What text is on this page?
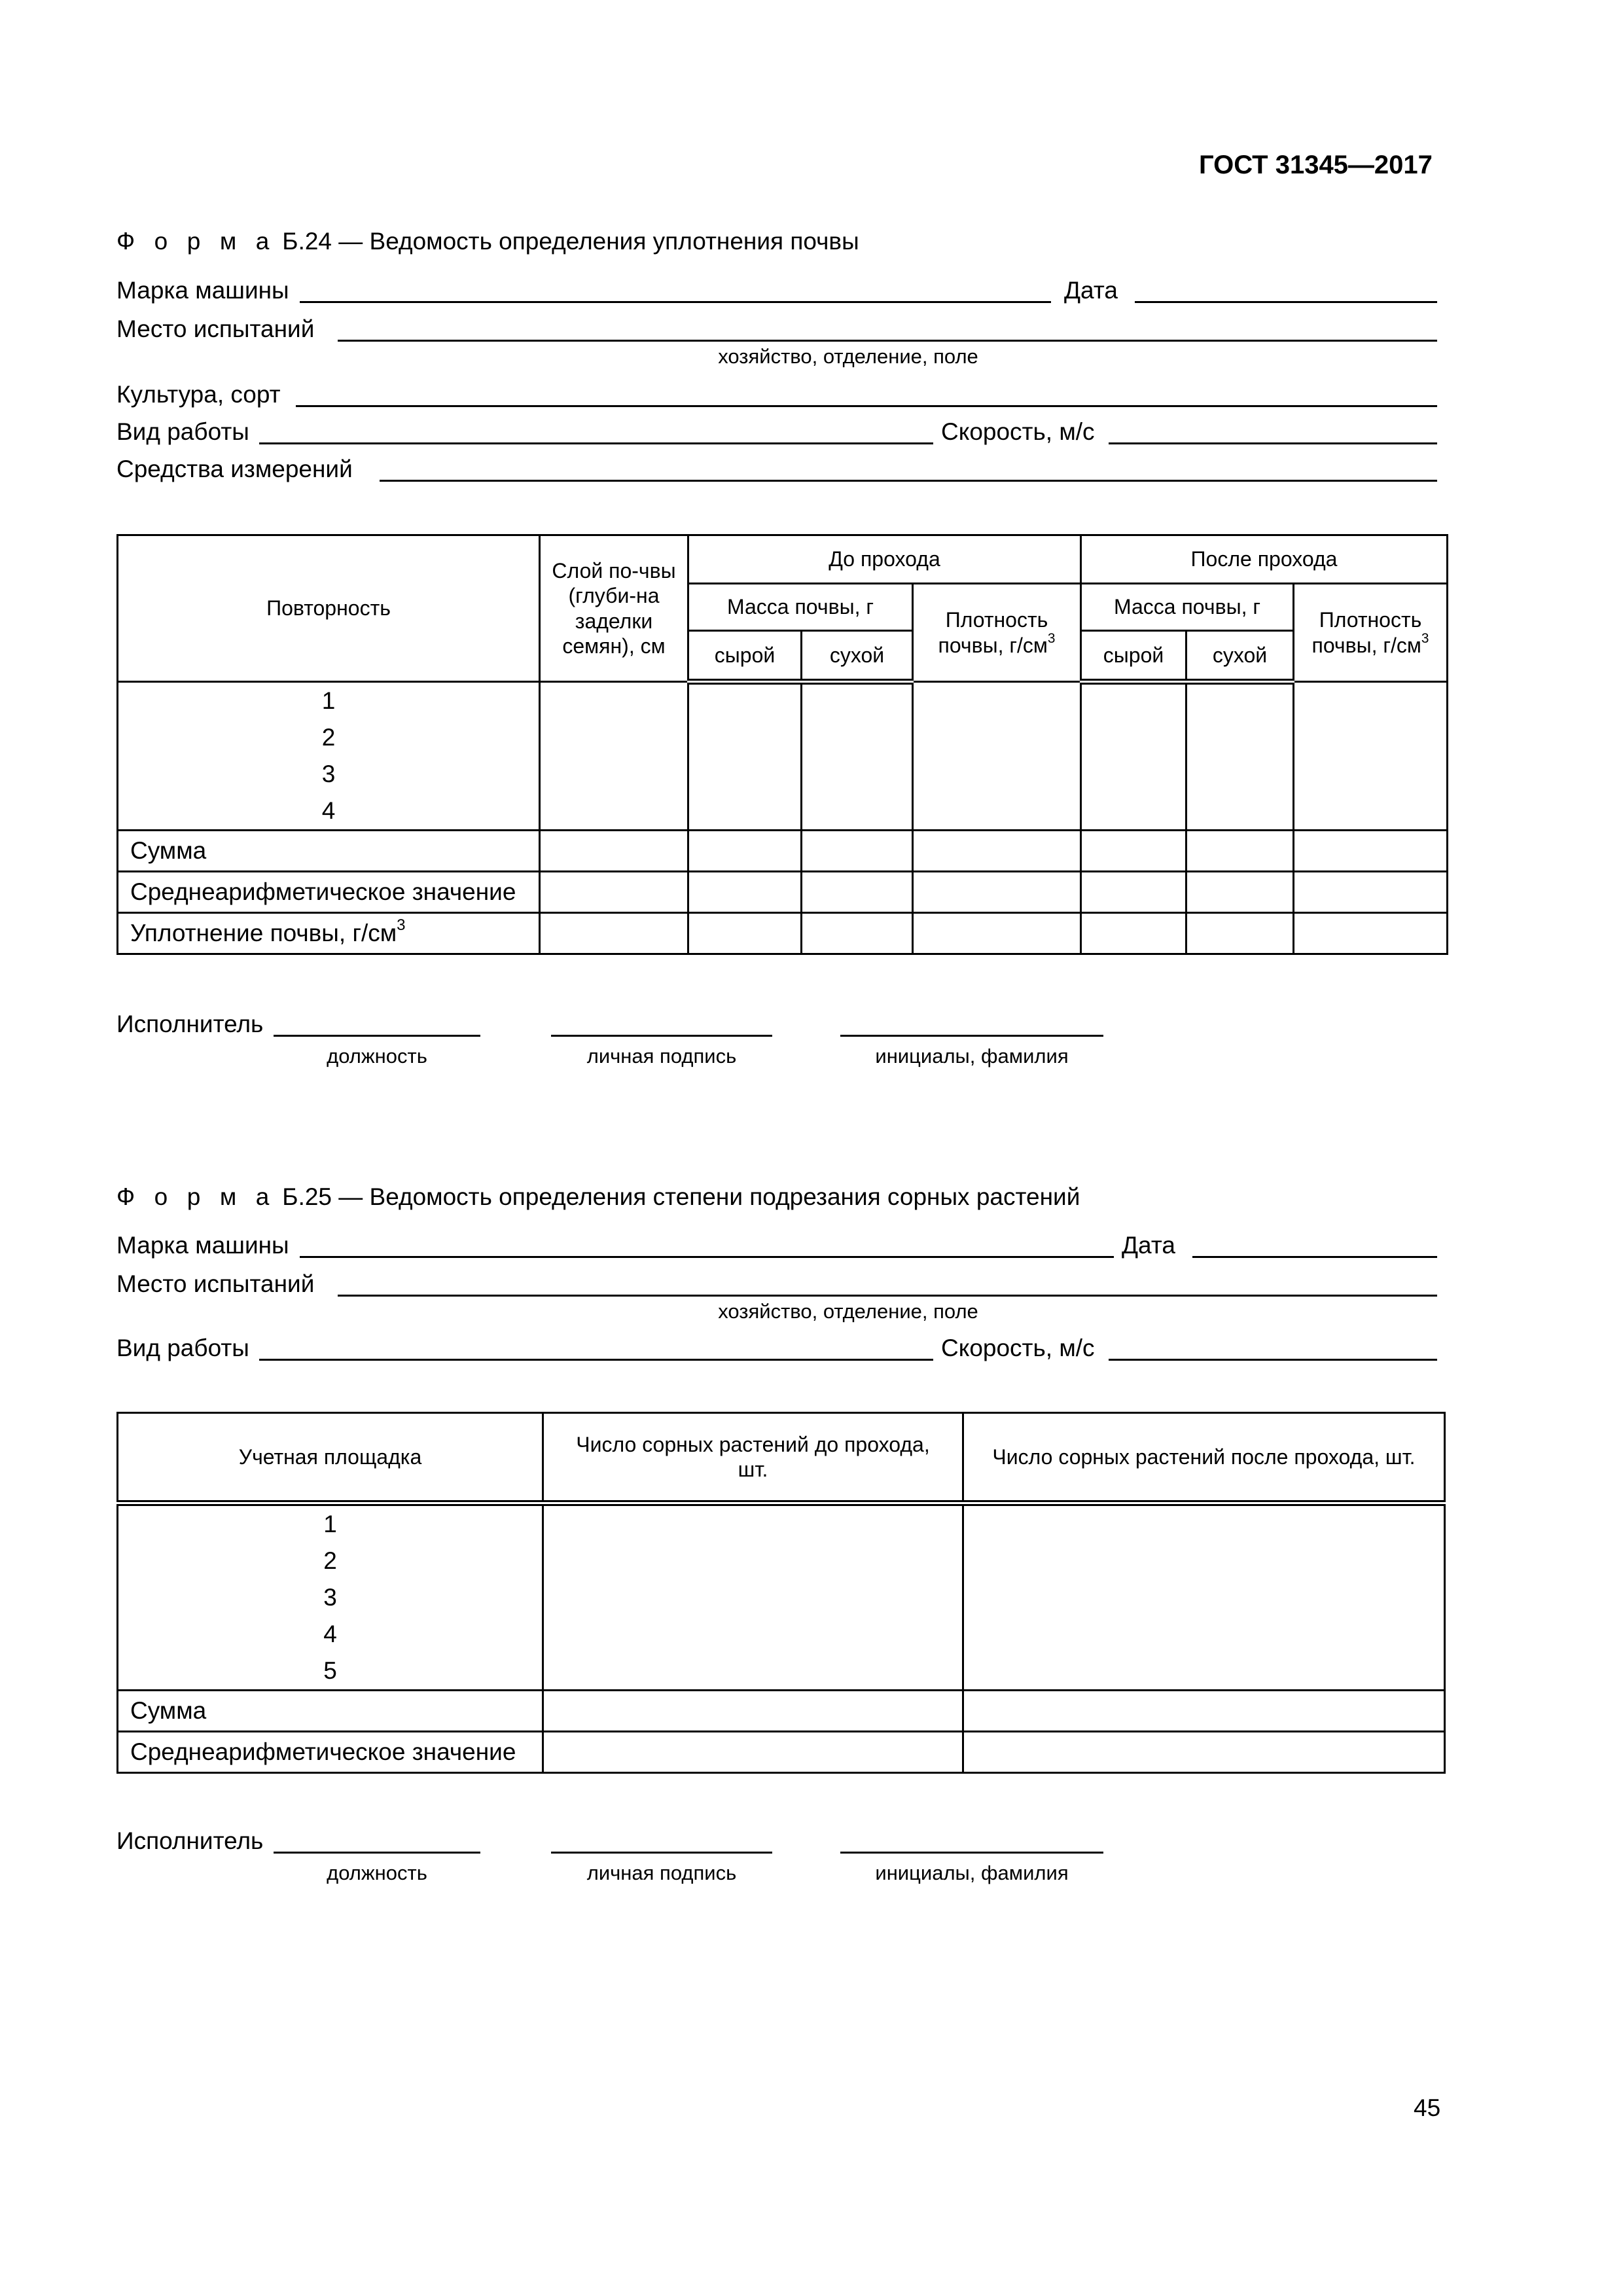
ГОСТ 31345—2017
Ф о р м а Б.24 — Ведомость определения уплотнения почвы
Марка машины	Дата
Место испытаний
хозяйство, отделение, поле
Культура, сорт
Вид работы	Скорость, м/с
Средства измерений
Повторность	Слой по-чвы (глуби-на заделки семян), см	До прохода			После прохода		
		Масса почвы, г		Плотность почвы, $г/см^3$	Масса почвы, г		Плотность почвы, $г/см^3$
		сырой	сухой		сырой	сухой	

1
2
3
4							

Сумма							
Среднеарифметическое значение							
Уплотнение почвы, $г/см^3$							
Исполнитель
должность	личная подпись	инициалы, фамилия
Ф о р м а Б.25 — Ведомость определения степени подрезания сорных растений
Марка машины	Дата
Место испытаний
хозяйство, отделение, поле
Вид работы	Скорость, м/с
Учетная площадка	Число сорных растений до прохода, шт.	Число сорных растений после прохода, шт.

1
2
3
4
5		

Сумма		
Среднеарифметическое значение		
Исполнитель
должность	личная подпись	инициалы, фамилия
45
